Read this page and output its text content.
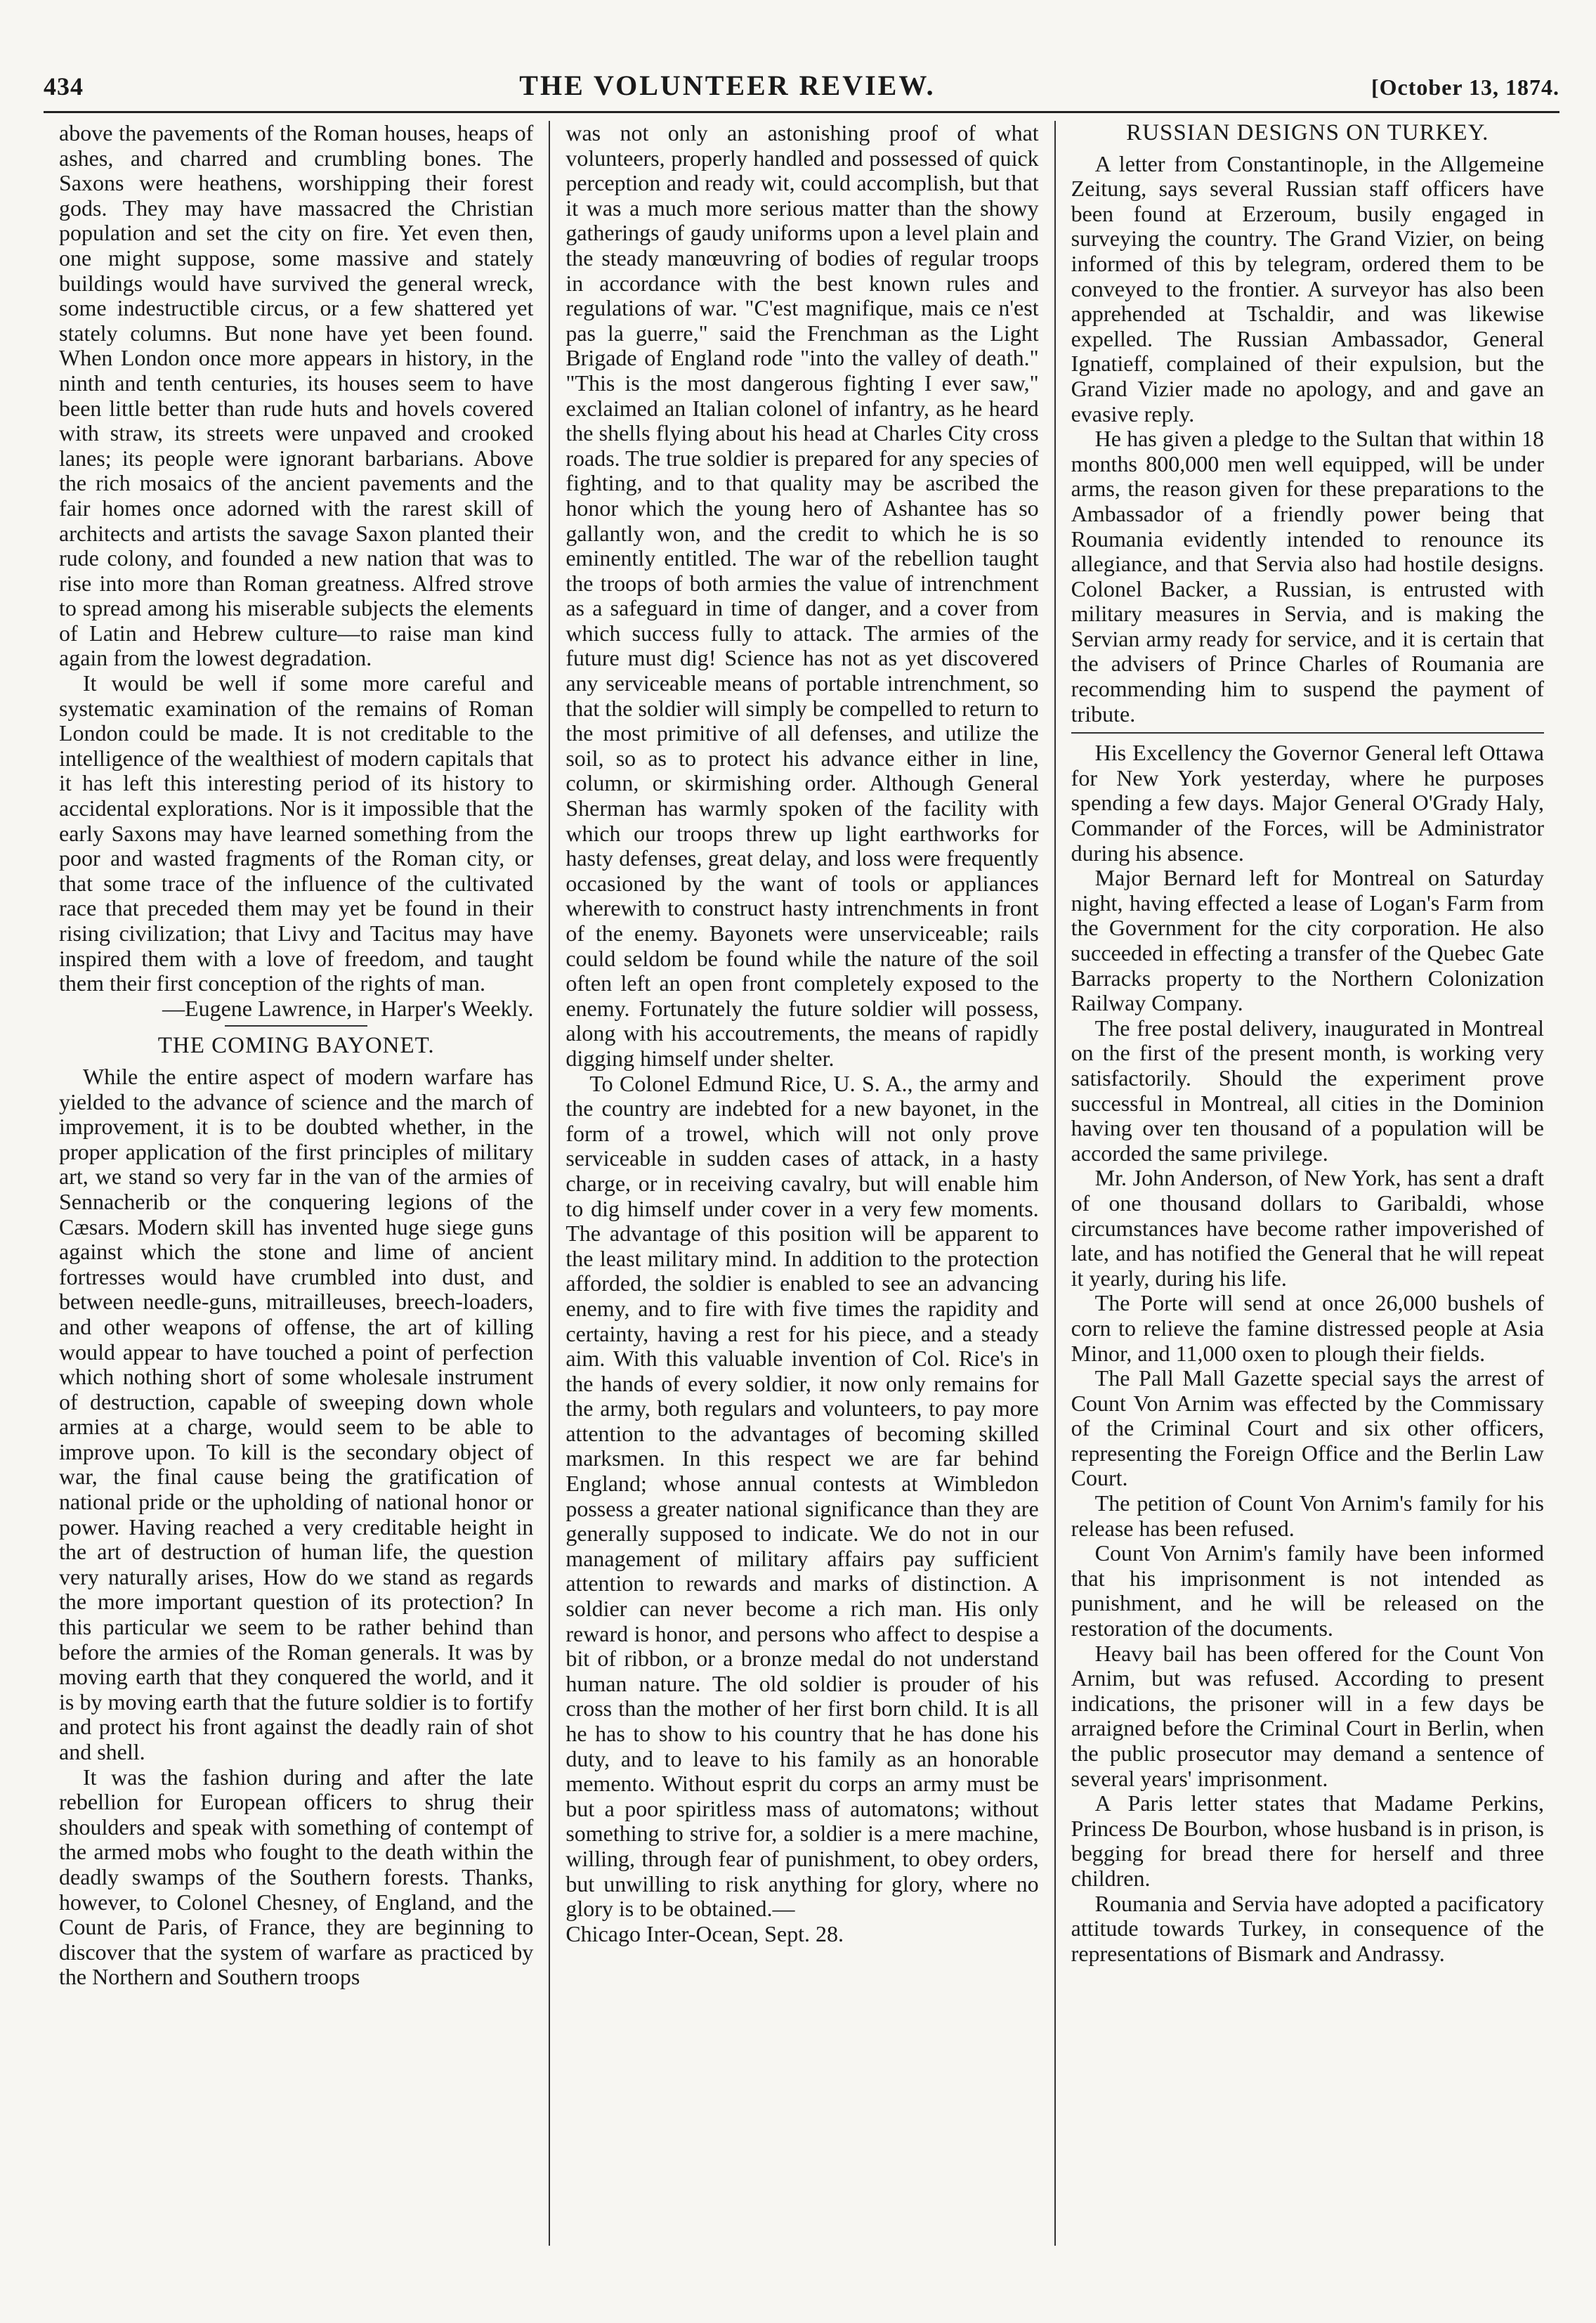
434	THE VOLUNTEER REVIEW.	[October 13, 1874.

above the pavements of the Roman houses, heaps of ashes, and charred and crumbling bones. The Saxons were heathens, worshipping their forest gods. They may have massacred the Christian population and set the city on fire. Yet even then, one might suppose, some massive and stately buildings would have survived the general wreck, some indestructible circus, or a few shattered yet stately columns. But none have yet been found. When London once more appears in history, in the ninth and tenth centuries, its houses seem to have been little better than rude huts and hovels covered with straw, its streets were unpaved and crooked lanes; its people were ignorant barbarians. Above the rich mosaics of the ancient pavements and the fair homes once adorned with the rarest skill of architects and artists the savage Saxon planted their rude colony, and founded a new nation that was to rise into more than Roman greatness. Alfred strove to spread among his miserable subjects the elements of Latin and Hebrew culture—to raise man kind again from the lowest degradation.

It would be well if some more careful and systematic examination of the remains of Roman London could be made. It is not creditable to the intelligence of the wealthiest of modern capitals that it has left this interesting period of its history to accidental explorations. Nor is it impossible that the early Saxons may have learned something from the poor and wasted fragments of the Roman city, or that some trace of the influence of the cultivated race that preceded them may yet be found in their rising civilization; that Livy and Tacitus may have inspired them with a love of freedom, and taught them their first conception of the rights of man.

—Eugene Lawrence, in Harper's Weekly.

THE COMING BAYONET.

While the entire aspect of modern warfare has yielded to the advance of science and the march of improvement, it is to be doubted whether, in the proper application of the first principles of military art, we stand so very far in the van of the armies of Sennacherib or the conquering legions of the Cæsars. Modern skill has invented huge siege guns against which the stone and lime of ancient fortresses would have crumbled into dust, and between needle-guns, mitrailleuses, breech-loaders, and other weapons of offense, the art of killing would appear to have touched a point of perfection which nothing short of some wholesale instrument of destruction, capable of sweeping down whole armies at a charge, would seem to be able to improve upon. To kill is the secondary object of war, the final cause being the gratification of national pride or the upholding of national honor or power. Having reached a very creditable height in the art of destruction of human life, the question very naturally arises, How do we stand as regards the more important question of its protection? In this particular we seem to be rather behind than before the armies of the Roman generals. It was by moving earth that they conquered the world, and it is by moving earth that the future soldier is to fortify and protect his front against the deadly rain of shot and shell.

It was the fashion during and after the late rebellion for European officers to shrug their shoulders and speak with something of contempt of the armed mobs who fought to the death within the deadly swamps of the Southern forests. Thanks, however, to Colonel Chesney, of England, and the Count de Paris, of France, they are beginning to discover that the system of warfare as practiced by the Northern and Southern troops

was not only an astonishing proof of what volunteers, properly handled and possessed of quick perception and ready wit, could accomplish, but that it was a much more serious matter than the showy gatherings of gaudy uniforms upon a level plain and the steady manœuvring of bodies of regular troops in accordance with the best known rules and regulations of war. "C'est magnifique, mais ce n'est pas la guerre," said the Frenchman as the Light Brigade of England rode "into the valley of death." "This is the most dangerous fighting I ever saw," exclaimed an Italian colonel of infantry, as he heard the shells flying about his head at Charles City cross roads. The true soldier is prepared for any species of fighting, and to that quality may be ascribed the honor which the young hero of Ashantee has so gallantly won, and the credit to which he is so eminently entitled. The war of the rebellion taught the troops of both armies the value of intrenchment as a safeguard in time of danger, and a cover from which success fully to attack. The armies of the future must dig! Science has not as yet discovered any serviceable means of portable intrenchment, so that the soldier will simply be compelled to return to the most primitive of all defenses, and utilize the soil, so as to protect his advance either in line, column, or skirmishing order. Although General Sherman has warmly spoken of the facility with which our troops threw up light earthworks for hasty defenses, great delay, and loss were frequently occasioned by the want of tools or appliances wherewith to construct hasty intrenchments in front of the enemy. Bayonets were unserviceable; rails could seldom be found while the nature of the soil often left an open front completely exposed to the enemy. Fortunately the future soldier will possess, along with his accoutrements, the means of rapidly digging himself under shelter.

To Colonel Edmund Rice, U. S. A., the army and the country are indebted for a new bayonet, in the form of a trowel, which will not only prove serviceable in sudden cases of attack, in a hasty charge, or in receiving cavalry, but will enable him to dig himself under cover in a very few moments. The advantage of this position will be apparent to the least military mind. In addition to the protection afforded, the soldier is enabled to see an advancing enemy, and to fire with five times the rapidity and certainty, having a rest for his piece, and a steady aim. With this valuable invention of Col. Rice's in the hands of every soldier, it now only remains for the army, both regulars and volunteers, to pay more attention to the advantages of becoming skilled marksmen. In this respect we are far behind England; whose annual contests at Wimbledon possess a greater national significance than they are generally supposed to indicate. We do not in our management of military affairs pay sufficient attention to rewards and marks of distinction. A soldier can never become a rich man. His only reward is honor, and persons who affect to despise a bit of ribbon, or a bronze medal do not understand human nature. The old soldier is prouder of his cross than the mother of her first born child. It is all he has to show to his country that he has done his duty, and to leave to his family as an honorable memento. Without esprit du corps an army must be but a poor spiritless mass of automatons; without something to strive for, a soldier is a mere machine, willing, through fear of punishment, to obey orders, but unwilling to risk anything for glory, where no glory is to be obtained.—

Chicago Inter-Ocean, Sept. 28.

RUSSIAN DESIGNS ON TURKEY.

A letter from Constantinople, in the Allgemeine Zeitung, says several Russian staff officers have been found at Erzeroum, busily engaged in surveying the country. The Grand Vizier, on being informed of this by telegram, ordered them to be conveyed to the frontier. A surveyor has also been apprehended at Tschaldir, and was likewise expelled. The Russian Ambassador, General Ignatieff, complained of their expulsion, but the Grand Vizier made no apology, and and gave an evasive reply.

He has given a pledge to the Sultan that within 18 months 800,000 men well equipped, will be under arms, the reason given for these preparations to the Ambassador of a friendly power being that Roumania evidently intended to renounce its allegiance, and that Servia also had hostile designs. Colonel Backer, a Russian, is entrusted with military measures in Servia, and is making the Servian army ready for service, and it is certain that the advisers of Prince Charles of Roumania are recommending him to suspend the payment of tribute.

His Excellency the Governor General left Ottawa for New York yesterday, where he purposes spending a few days. Major General O'Grady Haly, Commander of the Forces, will be Administrator during his absence.

Major Bernard left for Montreal on Saturday night, having effected a lease of Logan's Farm from the Government for the city corporation. He also succeeded in effecting a transfer of the Quebec Gate Barracks property to the Northern Colonization Railway Company.

The free postal delivery, inaugurated in Montreal on the first of the present month, is working very satisfactorily. Should the experiment prove successful in Montreal, all cities in the Dominion having over ten thousand of a population will be accorded the same privilege.

Mr. John Anderson, of New York, has sent a draft of one thousand dollars to Garibaldi, whose circumstances have become rather impoverished of late, and has notified the General that he will repeat it yearly, during his life.

The Porte will send at once 26,000 bushels of corn to relieve the famine distressed people at Asia Minor, and 11,000 oxen to plough their fields.

The Pall Mall Gazette special says the arrest of Count Von Arnim was effected by the Commissary of the Criminal Court and six other officers, representing the Foreign Office and the Berlin Law Court.

The petition of Count Von Arnim's family for his release has been refused.

Count Von Arnim's family have been informed that his imprisonment is not intended as punishment, and he will be released on the restoration of the documents.

Heavy bail has been offered for the Count Von Arnim, but was refused. According to present indications, the prisoner will in a few days be arraigned before the Criminal Court in Berlin, when the public prosecutor may demand a sentence of several years' imprisonment.

A Paris letter states that Madame Perkins, Princess De Bourbon, whose husband is in prison, is begging for bread there for herself and three children.

Roumania and Servia have adopted a pacificatory attitude towards Turkey, in consequence of the representations of Bismark and Andrassy.
